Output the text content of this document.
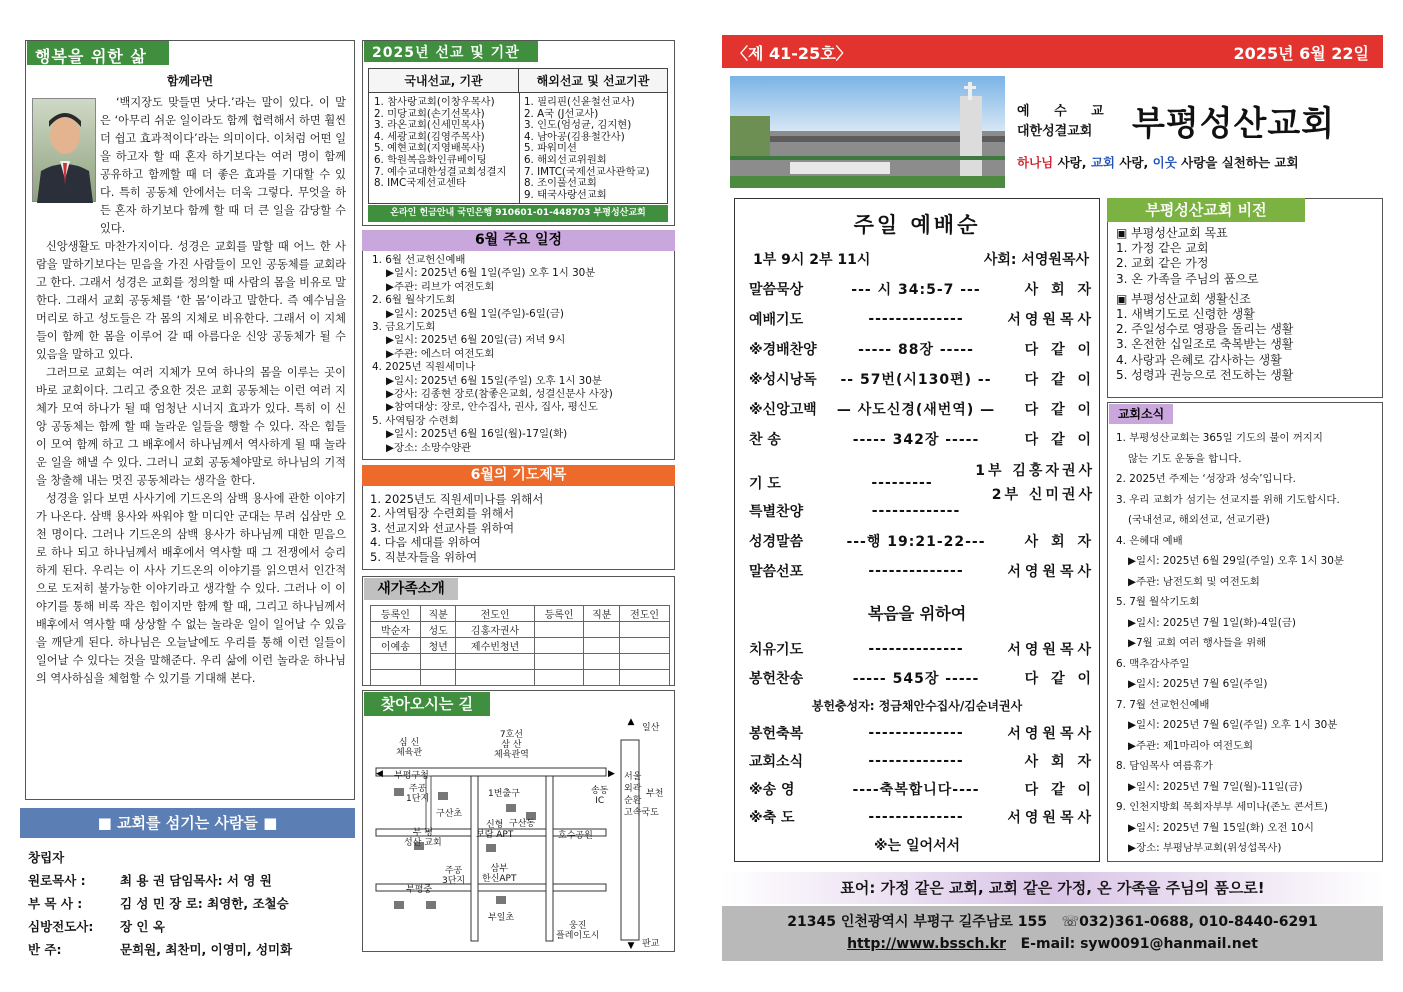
행복을 위한 삶
함께라면

‘백지장도 맞들면 낫다.’라는 말이 있다. 이 말은 ‘아무리 쉬운 일이라도 함께 협력해서 하면 훨씬 더 쉽고 효과적이다’라는 의미이다. 이처럼 어떤 일을 하고자 할 때 혼자 하기보다는 여러 명이 함께 공유하고 함께할 때 더 좋은 효과를 기대할 수 있다. 특히 공동체 안에서는 더욱 그렇다. 무엇을 하든 혼자 하기보다 함께 할 때 더 큰 일을 감당할 수 있다.

신앙생활도 마찬가지이다. 성경은 교회를 말할 때 어느 한 사람을 말하기보다는 믿음을 가진 사람들이 모인 공동체를 교회라고 한다. 그래서 성경은 교회를 정의할 때 사람의 몸을 비유로 말한다. 그래서 교회 공동체를 ‘한 몸’이라고 말한다. 즉 예수님을 머리로 하고 성도들은 각 몸의 지체로 비유한다. 그래서 이 지체들이 함께 한 몸을 이루어 갈 때 아름다운 신앙 공동체가 될 수 있음을 말하고 있다.

그러므로 교회는 여러 지체가 모여 하나의 몸을 이루는 곳이 바로 교회이다. 그리고 중요한 것은 교회 공동체는 이런 여러 지체가 모여 하나가 될 때 엄청난 시너지 효과가 있다. 특히 이 신앙 공동체는 함께 할 때 놀라운 일들을 행할 수 있다. 작은 힘들이 모여 함께 하고 그 배후에서 하나님께서 역사하게 될 때 놀라운 일을 해낼 수 있다. 그러니 교회 공동체야말로 하나님의 기적을 창출해 내는 멋진 공동체라는 생각을 한다.

성경을 읽다 보면 사사기에 기드온의 삼백 용사에 관한 이야기가 나온다. 삼백 용사와 싸워야 할 미디안 군대는 무려 십삼만 오천 명이다. 그러나 기드온의 삼백 용사가 하나님께 대한 믿음으로 하나 되고 하나님께서 배후에서 역사할 때 그 전쟁에서 승리하게 된다. 우리는 이 사사 기드온의 이야기를 읽으면서 인간적으로 도저히 불가능한 이야기라고 생각할 수 있다. 그러나 이 이야기를 통해 비록 작은 힘이지만 함께 할 때, 그리고 하나님께서 배후에서 역사할 때 상상할 수 없는 놀라운 일이 일어날 수 있음을 깨닫게 된다. 하나님은 오늘날에도 우리를 통해 이런 일들이 일어날 수 있다는 것을 말해준다. 우리 삶에 이런 놀라운 하나님의 역사하심을 체험할 수 있기를 기대해 본다.

■ 교회를 섬기는 사람들 ■
창립자
원로목사 :	최 용 권 담임목사: 서 영 원
부 목 사 :	김 성 민 장 로: 최영한, 조철승
심방전도사: 장 인 옥
반 주:	문희원, 최찬미, 이영미, 성미화
2025년 선교 및 기관
국내선교, 기관	해외선교 및 선교기관
1. 참사랑교회(이창우목사)
2. 미당교회(손기선목사)
3. 라온교회(신세민목사)
4. 세광교회(김영주목사)
5. 예현교회(지영배목사)
6. 학원복음화인큐베이팅
7. 예수교대한성결교회성결지
8. IMC국제선교센타
1. 필리핀(신윤철선교사)
2. A국 (J선교사)
3. 인도(엄성균, 김지현)
4. 남아공(김용철간사)
5. 파워미션
6. 해외선교위원회
7. IMTC(국제선교사관학교)
8. 조이풀선교회
9. 태국사랑선교회
온라인 헌금안내 국민은행 910601-01-448703 부평성산교회
6월 주요 일정
1. 6월 선교헌신예배
▶일시: 2025년 6월 1일(주일) 오후 1시 30분
▶주관: 리브가 여전도회
2. 6월 월삭기도회
▶일시: 2025년 6월 1일(주일)-6일(금)
3. 금요기도회
▶일시: 2025년 6월 20일(금) 저녁 9시
▶주관: 에스더 여전도회
4. 2025년 직원세미나
▶일시: 2025년 6월 15일(주일) 오후 1시 30분
▶강사: 김종현 장로(참좋은교회, 성결신문사 사장)
▶참여대상: 장로, 안수집사, 권사, 집사, 평신도
5. 사역팀장 수련회
▶일시: 2025년 6월 16일(월)-17일(화)
▶장소: 소망수양관
6월의 기도제목
1. 2025년도 직원세미나를 위해서
2. 사역팀장 수련회를 위해서
3. 선교지와 선교사를 위하여
4. 다음 세대를 위하여
5. 직분자들을 위하여
새가족소개
등록인	직분	전도인	등록인	직분	전도인
박순자	성도	김홍자권사			
이예송	청년	제수빈청년			

찾아오시는 길
▲
▼
◀	▶
심 신
체육관
7호선
삼 산
체육관역
부평구청
주공
1단지
구산초
1번출구	송동
IC
부천
부 평
성산 교회
신형
보람 APT
구산동
호수공원
주공
3단지
부평중
삼부
한신APT
부일초
웅진
플레이도시
서울
외곽
순환
고속국도
일산
판교
〈제 41-25호〉	2025년 6월 22일
예 수 교
대한성결교회	부평성산교회
하나님 사랑, 교회 사랑, 이웃 사랑을 실천하는 교회
주일 예배순
1부 9시 2부 11시	사회: 서영원목사
말씀묵상	--- 시 34:5-7 ---	사 회 자
예배기도	--------------	서영원목사
※경배찬양	----- 88장 -----	다 같 이
※성시낭독	-- 57번(시130편) --	다 같 이
※신앙고백	— 사도신경(새번역) —	다 같 이
찬 송	----- 342장 -----	다 같 이
기 도	---------
1부 김홍자권사
2부 신미권사
특별찬양	-------------
성경말씀	---행 19:21-22---	사 회 자
말씀선포	--------------	서영원목사
복음을 위하여
치유기도	--------------	서영원목사
봉헌찬송	----- 545장 -----	다 같 이
봉헌충성자: 정금채안수집사/김순녀권사
봉헌축복	--------------	서영원목사
교회소식	--------------	사 회 자
※송 영	----축복합니다----	다 같 이
※축 도	--------------	서영원목사
※는 일어서서
부평성산교회 비전
▣ 부평성산교회 목표
1. 가정 같은 교회
2. 교회 같은 가정
3. 온 가족을 주님의 품으로
▣ 부평성산교회 생활신조
1. 새벽기도로 신령한 생활
2. 주일성수로 영광을 돌리는 생활
3. 온전한 십일조로 축복받는 생활
4. 사랑과 은혜로 감사하는 생활
5. 성령과 권능으로 전도하는 생활
교회소식
1. 부평성산교회는 365일 기도의 불이 꺼지지
않는 기도 운동을 합니다.
2. 2025년 주제는 ‘성장과 성숙’입니다.
3. 우리 교회가 섬기는 선교지를 위해 기도합시다.
(국내선교, 해외선교, 선교기관)
4. 은혜대 예배
▶일시: 2025년 6월 29일(주일) 오후 1시 30분
▶주관: 남전도회 및 여전도회
5. 7월 월삭기도회
▶일시: 2025년 7월 1일(화)-4일(금)
▶7월 교회 여러 행사들을 위해
6. 맥추감사주일
▶일시: 2025년 7월 6일(주일)
7. 7월 선교헌신예배
▶일시: 2025년 7월 6일(주일) 오후 1시 30분
▶주관: 제1마리아 여전도회
8. 담임목사 여름휴가
▶일시: 2025년 7월 7일(월)-11일(금)
9. 인천지방회 목회자부부 세미나(존노 콘서트)
▶일시: 2025년 7월 15일(화) 오전 10시
▶장소: 부평남부교회(위성섭목사)
표어: 가정 같은 교회, 교회 같은 가정, 온 가족을 주님의 품으로!
21345 인천광역시 부평구 길주남로 155 ☏032)361-0688, 010-8440-6291
http://www.bssch.kr E-mail: syw0091@hanmail.net
